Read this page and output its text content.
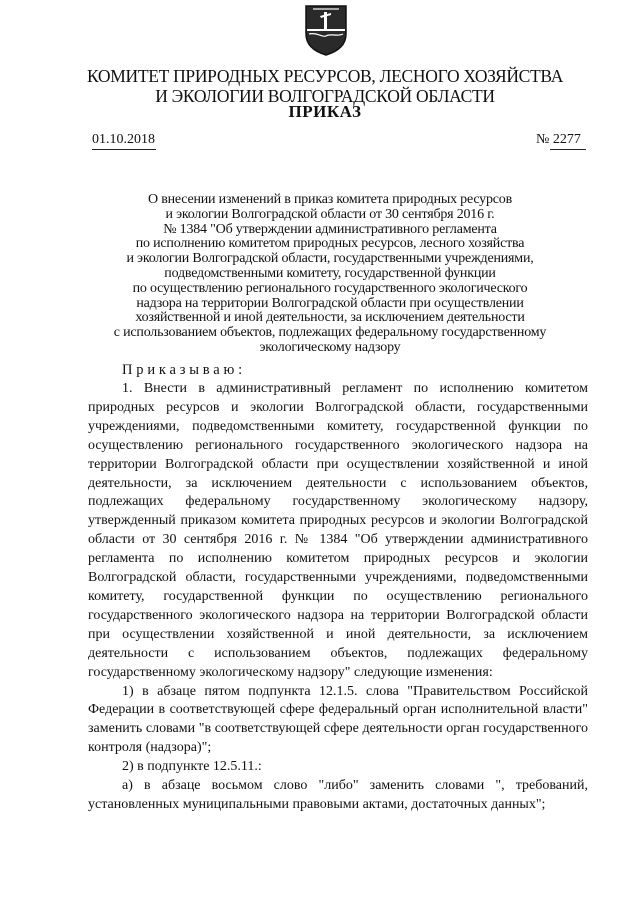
КОМИТЕТ ПРИРОДНЫХ РЕСУРСОВ, ЛЕСНОГО ХОЗЯЙСТВА
И ЭКОЛОГИИ ВОЛГОГРАДСКОЙ ОБЛАСТИ
ПРИКАЗ
01.10.2018	№ 2277
О внесении изменений в приказ комитета природных ресурсов
и экологии Волгоградской области от 30 сентября 2016 г.
№ 1384 "Об утверждении административного регламента
по исполнению комитетом природных ресурсов, лесного хозяйства
и экологии Волгоградской области, государственными учреждениями,
подведомственными комитету, государственной функции
по осуществлению регионального государственного экологического
надзора на территории Волгоградской области при осуществлении
хозяйственной и иной деятельности, за исключением деятельности
с использованием объектов, подлежащих федеральному государственному
экологическому надзору
Приказываю:

1. Внести в административный регламент по исполнению комитетом природных ресурсов и экологии Волгоградской области, государственными учреждениями, подведомственными комитету, государственной функции по осуществлению регионального государственного экологического надзора на территории Волгоградской области при осуществлении хозяйственной и иной деятельности, за исключением деятельности с использованием объектов, подлежащих федеральному государственному экологическому надзору, утвержденный приказом комитета природных ресурсов и экологии Волгоградской области от 30 сентября 2016 г. № 1384 "Об утверждении административного регламента по исполнению комитетом природных ресурсов и экологии Волгоградской области, государственными учреждениями, подведомственными комитету, государственной функции по осуществлению регионального государственного экологического надзора на территории Волгоградской области при осуществлении хозяйственной и иной деятельности, за исключением деятельности с использованием объектов, подлежащих федеральному государственному экологическому надзору" следующие изменения:

1) в абзаце пятом подпункта 12.1.5. слова "Правительством Российской Федерации в соответствующей сфере федеральный орган исполнительной власти" заменить словами "в соответствующей сфере деятельности орган государственного контроля (надзора)";

2) в подпункте 12.5.11.:

а) в абзаце восьмом слово "либо" заменить словами ", требований, установленных муниципальными правовыми актами, достаточных данных";
